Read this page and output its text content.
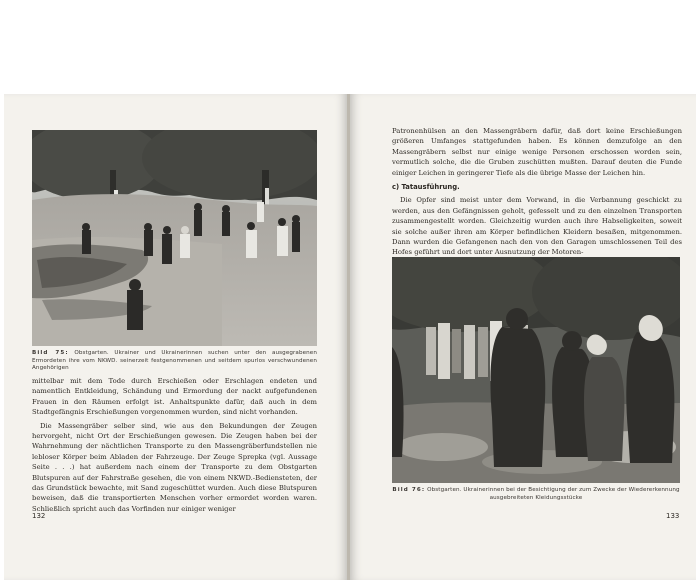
Bild 75: Obstgarten. Ukrainer und Ukrainerinnen suchen unter den ausgegrabenen Ermordeten ihre vom NKWD. seinerzeit festgenommenen und seitdem spurlos verschwundenen Angehörigen

mittelbar mit dem Tode durch Erschießen oder Erschlagen endeten und namentlich Entkleidung, Schändung und Ermordung der nackt aufgefundenen Frauen in den Räumen erfolgt ist. Anhaltspunkte dafür, daß auch in dem Stadtgefängnis Erschießungen vorgenommen wurden, sind nicht vorhanden.

Die Massengräber selber sind, wie aus den Bekundungen der Zeugen hervorgeht, nicht Ort der Erschießungen gewesen. Die Zeugen haben bei der Wahrnehmung der nächtlichen Transporte zu den Massengräberfundstellen nie lebloser Körper beim Abladen der Fahrzeuge. Der Zeuge Sprepka (vgl. Aussage Seite . . .) hat außerdem nach einem der Transporte zu dem Obstgarten Blutspuren auf der Fahrstraße gesehen, die von einem NKWD.-Bediensteten, der das Grundstück bewachte, mit Sand zugeschüttet wurden. Auch diese Blutspuren beweisen, daß die transportierten Menschen vorher ermordet worden waren. Schließlich spricht auch das Vorfinden nur einiger weniger

132

Patronenhülsen an den Massengräbern dafür, daß dort keine Erschießungen größeren Umfanges stattgefunden haben. Es können demzufolge an den Massengräbern selbst nur einige wenige Personen erschossen worden sein, vermutlich solche, die die Gruben zuschütten mußten. Darauf deuten die Funde einiger Leichen in geringerer Tiefe als die übrige Masse der Leichen hin.

c) Tatausführung.

Die Opfer sind meist unter dem Vorwand, in die Verbannung geschickt zu werden, aus den Gefängnissen geholt, gefesselt und zu den einzelnen Transporten zusammengestellt worden. Gleichzeitig wurden auch ihre Habseligkeiten, soweit sie solche außer ihren am Körper befindlichen Kleidern besaßen, mitgenommen. Dann wurden die Gefangenen nach den von den Garagen umschlossenen Teil des Hofes geführt und dort unter Ausnutzung der Motoren-

Bild 76: Obstgarten. Ukrainerinnen bei der Besichtigung der zum Zwecke der Wiedererkennung ausgebreiteten Kleidungsstücke
133
